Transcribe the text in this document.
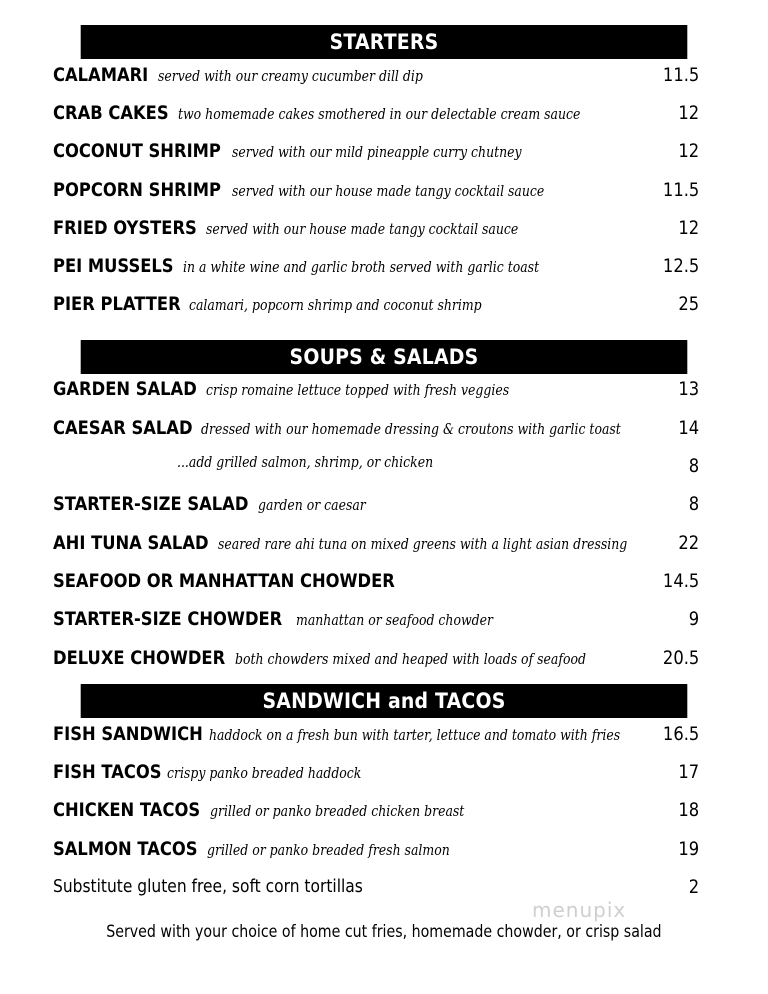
STARTERS
CALAMARI served with our creamy cucumber dill dip	11.5
CRAB CAKES two homemade cakes smothered in our delectable cream sauce	12
COCONUT SHRIMP served with our mild pineapple curry chutney	12
POPCORN SHRIMP served with our house made tangy cocktail sauce	11.5
FRIED OYSTERS served with our house made tangy cocktail sauce	12
PEI MUSSELS in a white wine and garlic broth served with garlic toast	12.5
PIER PLATTER calamari, popcorn shrimp and coconut shrimp	25
SOUPS & SALADS
GARDEN SALAD crisp romaine lettuce topped with fresh veggies	13
CAESAR SALAD dressed with our homemade dressing & croutons with garlic toast	14
...add grilled salmon, shrimp, or chicken	8
STARTER-SIZE SALAD garden or caesar	8
AHI TUNA SALAD seared rare ahi tuna on mixed greens with a light asian dressing	22
SEAFOOD OR MANHATTAN CHOWDER	14.5
STARTER-SIZE CHOWDER manhattan or seafood chowder	9
DELUXE CHOWDER both chowders mixed and heaped with loads of seafood	20.5
SANDWICH and TACOS
FISH SANDWICH haddock on a fresh bun with tarter, lettuce and tomato with fries 16.5
FISH TACOS crispy panko breaded haddock	17
CHICKEN TACOS grilled or panko breaded chicken breast	18
SALMON TACOS grilled or panko breaded fresh salmon	19
Substitute gluten free, soft corn tortillas	2
menupix
Served with your choice of home cut fries, homemade chowder, or crisp salad
